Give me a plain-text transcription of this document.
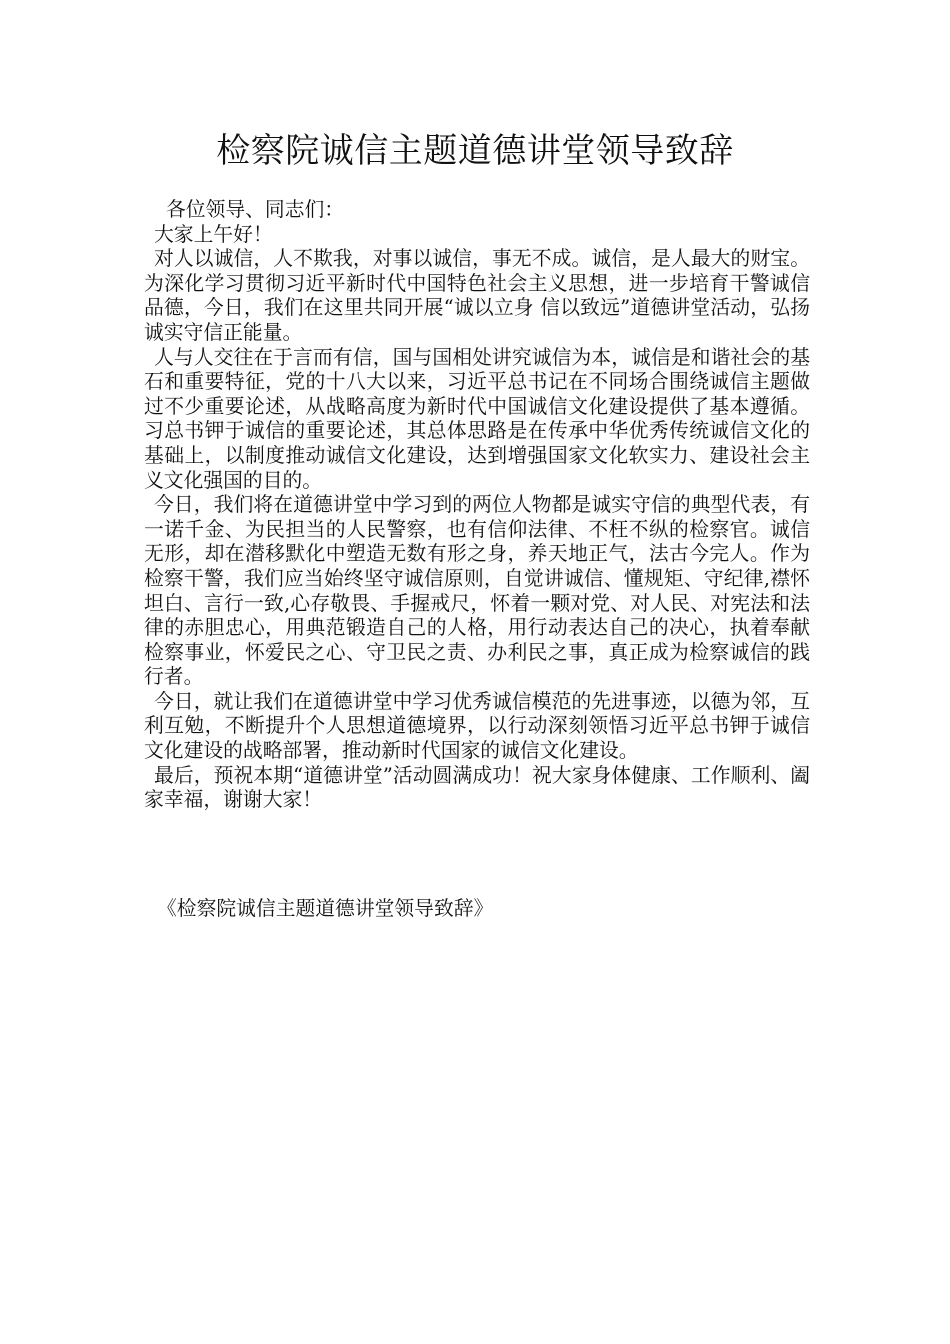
检察院诚信主题道德讲堂领导致辞

各位领导、同志们：

大家上午好！

对人以诚信，人不欺我，对事以诚信，事无不成。诚信，是人最大的财宝。为深化学习贯彻习近平新时代中国特色社会主义思想，进一步培育干警诚信品德，今日，我们在这里共同开展“诚以立身 信以致远”道德讲堂活动，弘扬诚实守信正能量。

人与人交往在于言而有信，国与国相处讲究诚信为本，诚信是和谐社会的基石和重要特征，党的十八大以来，习近平总书记在不同场合围绕诚信主题做过不少重要论述，从战略高度为新时代中国诚信文化建设提供了基本遵循。习总书钾于诚信的重要论述，其总体思路是在传承中华优秀传统诚信文化的基础上，以制度推动诚信文化建设，达到增强国家文化软实力、建设社会主义文化强国的目的。

今日，我们将在道德讲堂中学习到的两位人物都是诚实守信的典型代表，有一诺千金、为民担当的人民警察，也有信仰法律、不枉不纵的检察官。诚信无形，却在潜移默化中塑造无数有形之身，养天地正气，法古今完人。作为检察干警，我们应当始终坚守诚信原则，自觉讲诚信、懂规矩、守纪律,襟怀坦白、言行一致,心存敬畏、手握戒尺，怀着一颗对党、对人民、对宪法和法律的赤胆忠心，用典范锻造自己的人格，用行动表达自己的决心，执着奉献检察事业，怀爱民之心、守卫民之责、办利民之事，真正成为检察诚信的践行者。

今日，就让我们在道德讲堂中学习优秀诚信模范的先进事迹，以德为邻，互利互勉，不断提升个人思想道德境界，以行动深刻领悟习近平总书钾于诚信文化建设的战略部署，推动新时代国家的诚信文化建设。

最后，预祝本期“道德讲堂”活动圆满成功！祝大家身体健康、工作顺利、阖家幸福，谢谢大家！

《检察院诚信主题道德讲堂领导致辞》
